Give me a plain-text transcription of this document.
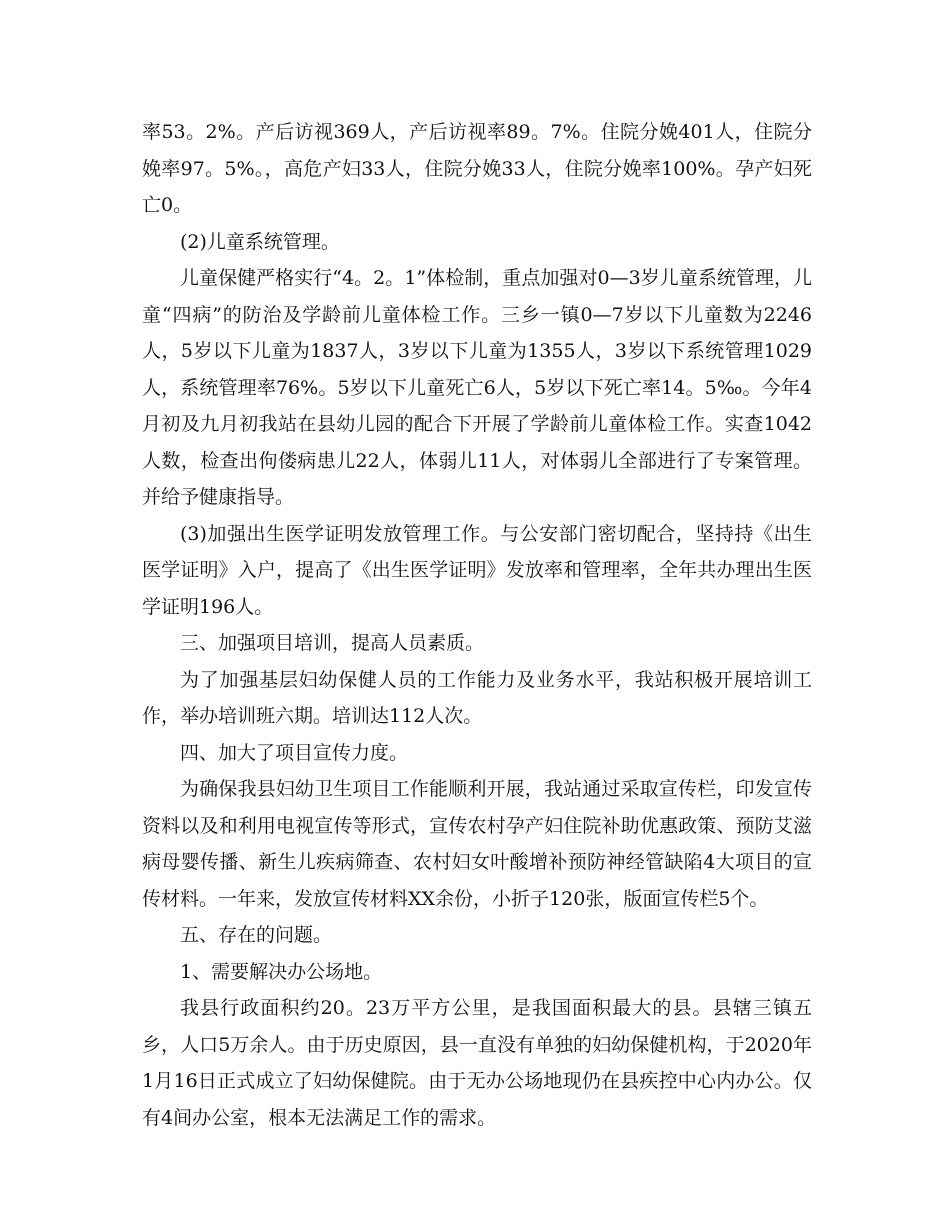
率53。2%。产后访视369人，产后访视率89。7%。住院分娩401人，住院分娩率97。5%。，高危产妇33人，住院分娩33人，住院分娩率100%。孕产妇死亡0。

(2)儿童系统管理。

儿童保健严格实行“4。2。1”体检制，重点加强对0—3岁儿童系统管理，儿童“四病”的防治及学龄前儿童体检工作。三乡一镇0—7岁以下儿童数为2246人，5岁以下儿童为1837人，3岁以下儿童为1355人，3岁以下系统管理1029人，系统管理率76%。5岁以下儿童死亡6人，5岁以下死亡率14。5‰。今年4月初及九月初我站在县幼儿园的配合下开展了学龄前儿童体检工作。实查1042人数，检查出佝偻病患儿22人，体弱儿11人，对体弱儿全部进行了专案管理。并给予健康指导。

(3)加强出生医学证明发放管理工作。与公安部门密切配合，坚持持《出生医学证明》入户，提高了《出生医学证明》发放率和管理率，全年共办理出生医学证明196人。

三、加强项目培训，提高人员素质。

为了加强基层妇幼保健人员的工作能力及业务水平，我站积极开展培训工作，举办培训班六期。培训达112人次。

四、加大了项目宣传力度。

为确保我县妇幼卫生项目工作能顺利开展，我站通过采取宣传栏，印发宣传资料以及和利用电视宣传等形式，宣传农村孕产妇住院补助优惠政策、预防艾滋病母婴传播、新生儿疾病筛查、农村妇女叶酸增补预防神经管缺陷4大项目的宣传材料。一年来，发放宣传材料XX余份，小折子120张，版面宣传栏5个。

五、存在的问题。

1、需要解决办公场地。

我县行政面积约20。23万平方公里，是我国面积最大的县。县辖三镇五乡，人口5万余人。由于历史原因，县一直没有单独的妇幼保健机构，于2020年1月16日正式成立了妇幼保健院。由于无办公场地现仍在县疾控中心内办公。仅有4间办公室，根本无法满足工作的需求。
